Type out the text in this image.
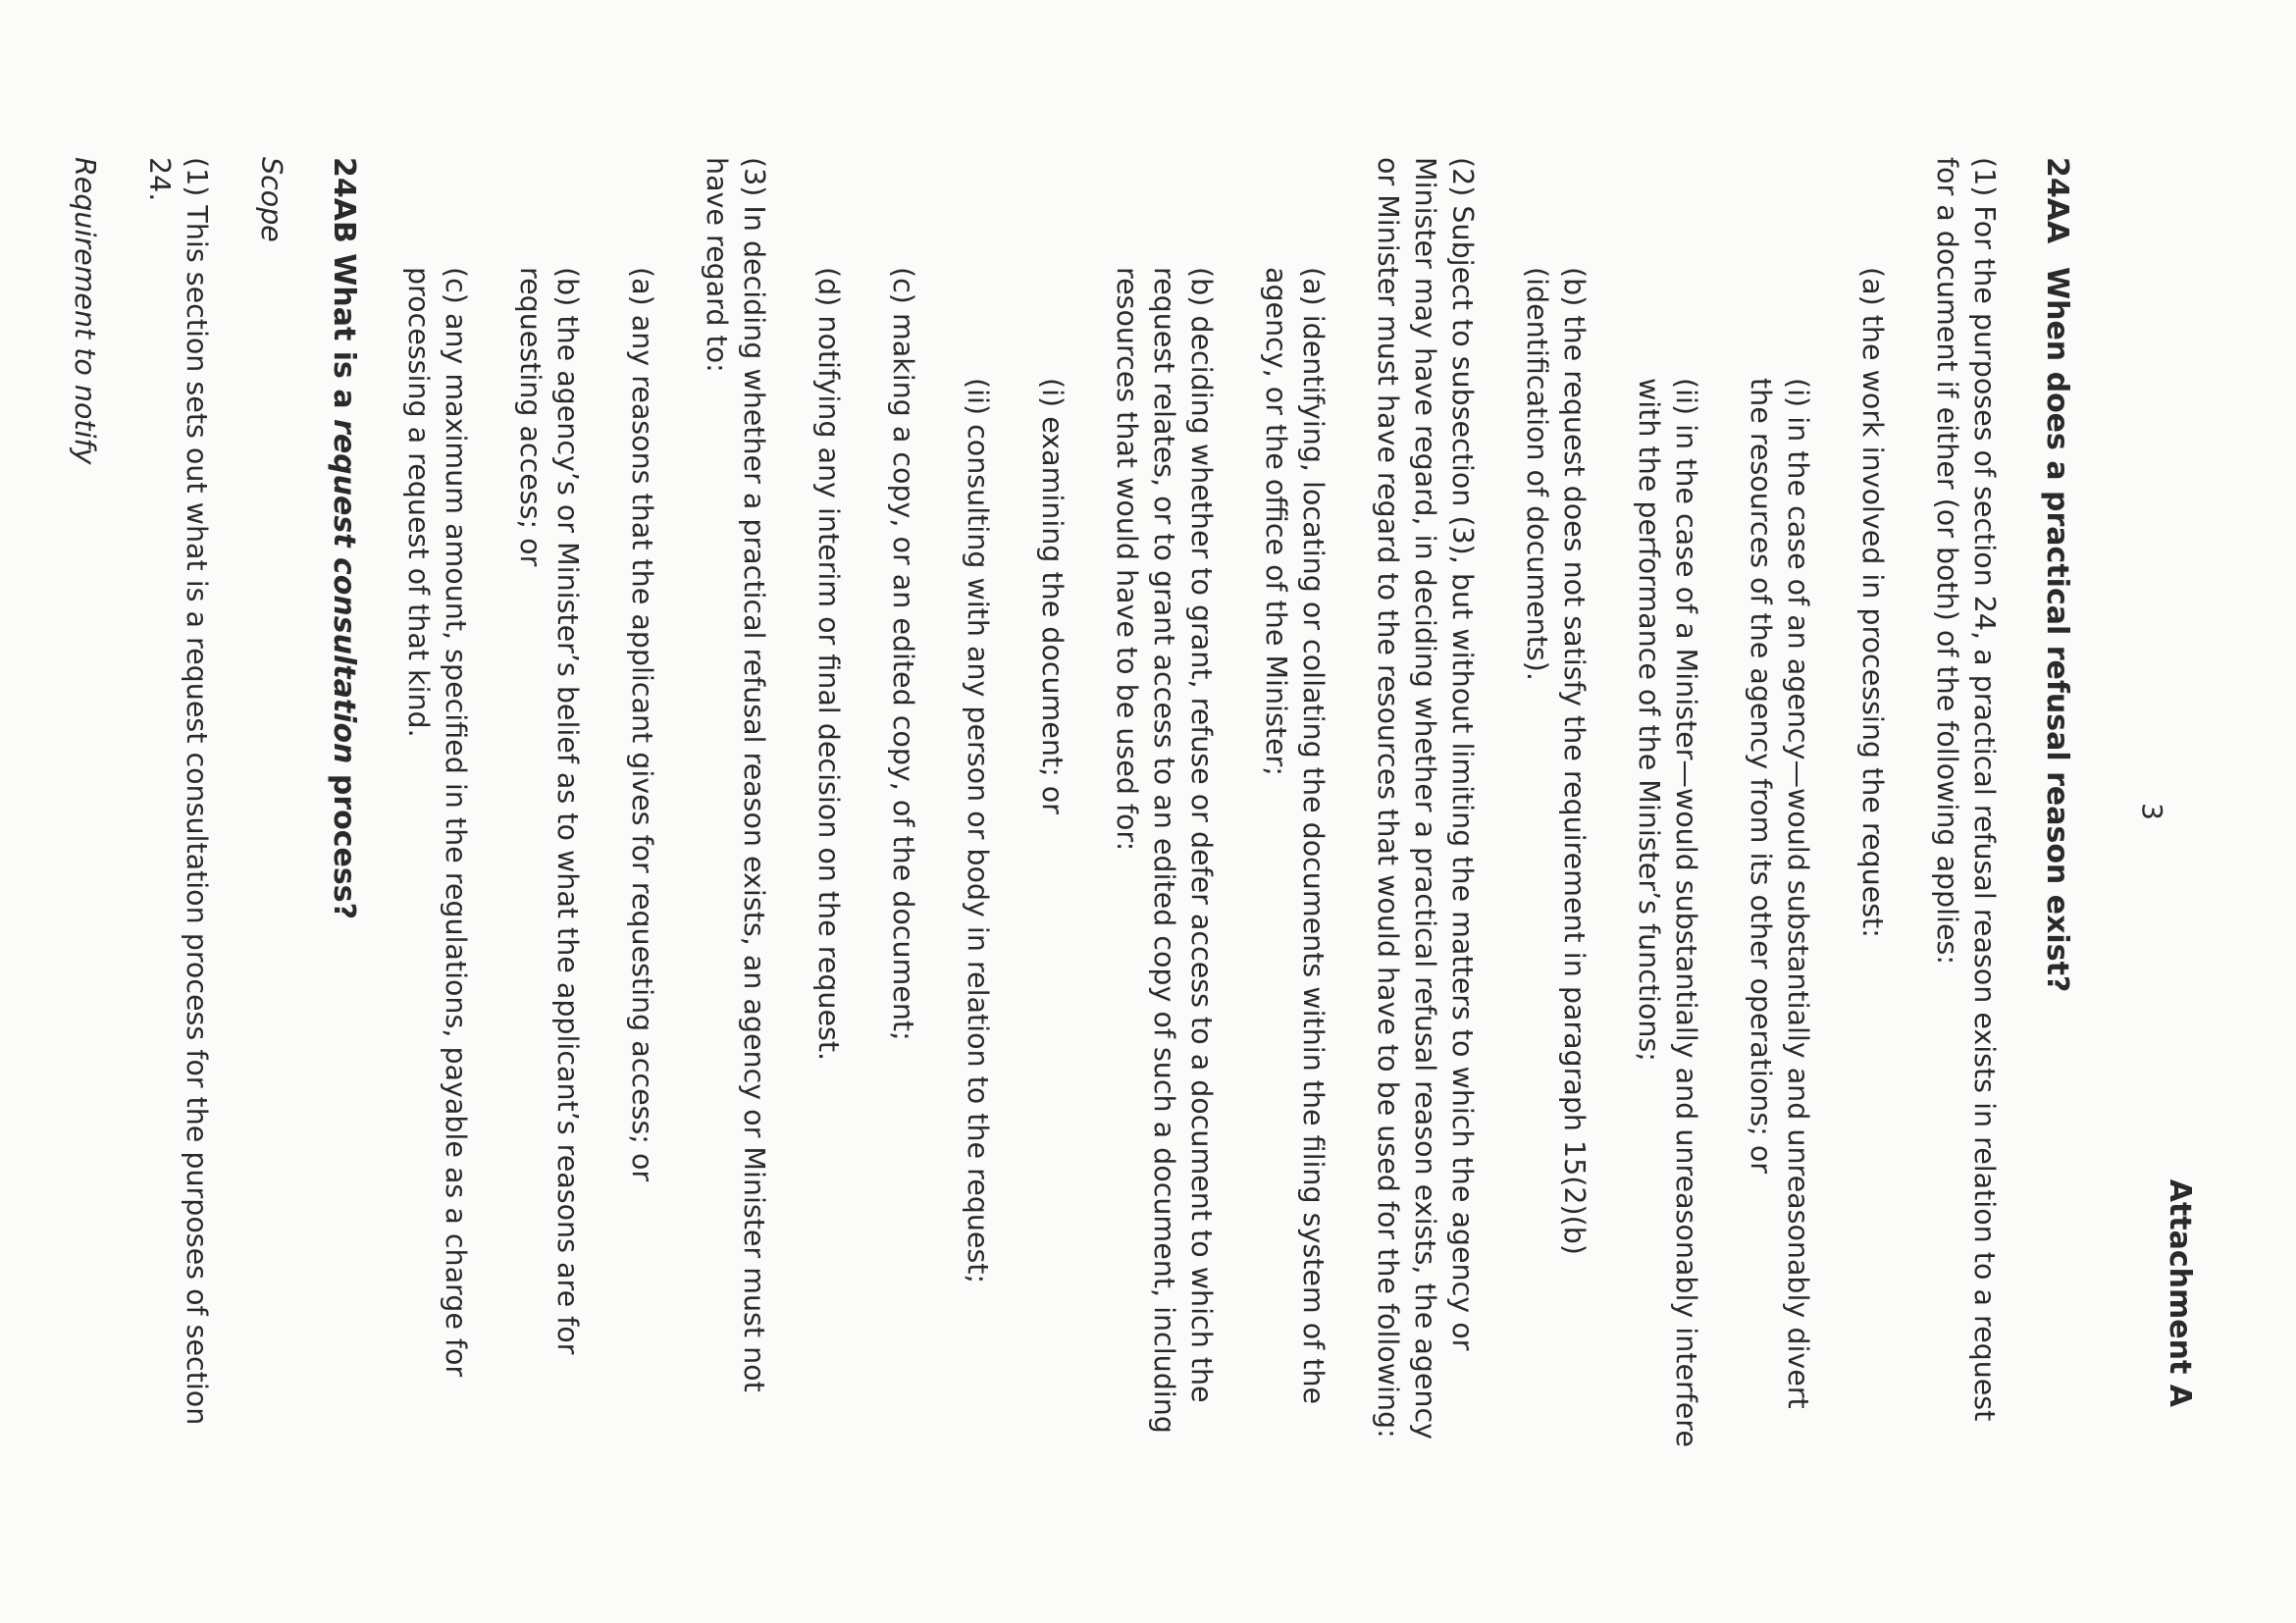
Attachment A
3

24AAWhen does a practical refusal reason exist?

(1) For the purposes of section 24, a practical refusal reason exists in relation to a request for a document if either (or both) of the following applies:

(a) the work involved in processing the request:

(i) in the case of an agency—would substantially and unreasonably divert the resources of the agency from its other operations; or

(ii) in the case of a Minister—would substantially and unreasonably interfere with the performance of the Minister’s functions;

(b) the request does not satisfy the requirement in paragraph 15(2)(b) (identification of documents).

(2) Subject to subsection (3), but without limiting the matters to which the agency or Minister may have regard, in deciding whether a practical refusal reason exists, the agency or Minister must have regard to the resources that would have to be used for the following:

(a) identifying, locating or collating the documents within the filing system of the agency, or the office of the Minister;

(b) deciding whether to grant, refuse or defer access to a document to which the request relates, or to grant access to an edited copy of such a document, including resources that would have to be used for:

(i) examining the document; or

(ii) consulting with any person or body in relation to the request;

(c) making a copy, or an edited copy, of the document;

(d) notifying any interim or final decision on the request.

(3) In deciding whether a practical refusal reason exists, an agency or Minister must not have regard to:

(a) any reasons that the applicant gives for requesting access; or

(b) the agency’s or Minister’s belief as to what the applicant’s reasons are for requesting access; or

(c) any maximum amount, specified in the regulations, payable as a charge for processing a request of that kind.

24AB What is a request consultation process?

Scope

(1) This section sets out what is a request consultation process for the purposes of section 24.

Requirement to notify
